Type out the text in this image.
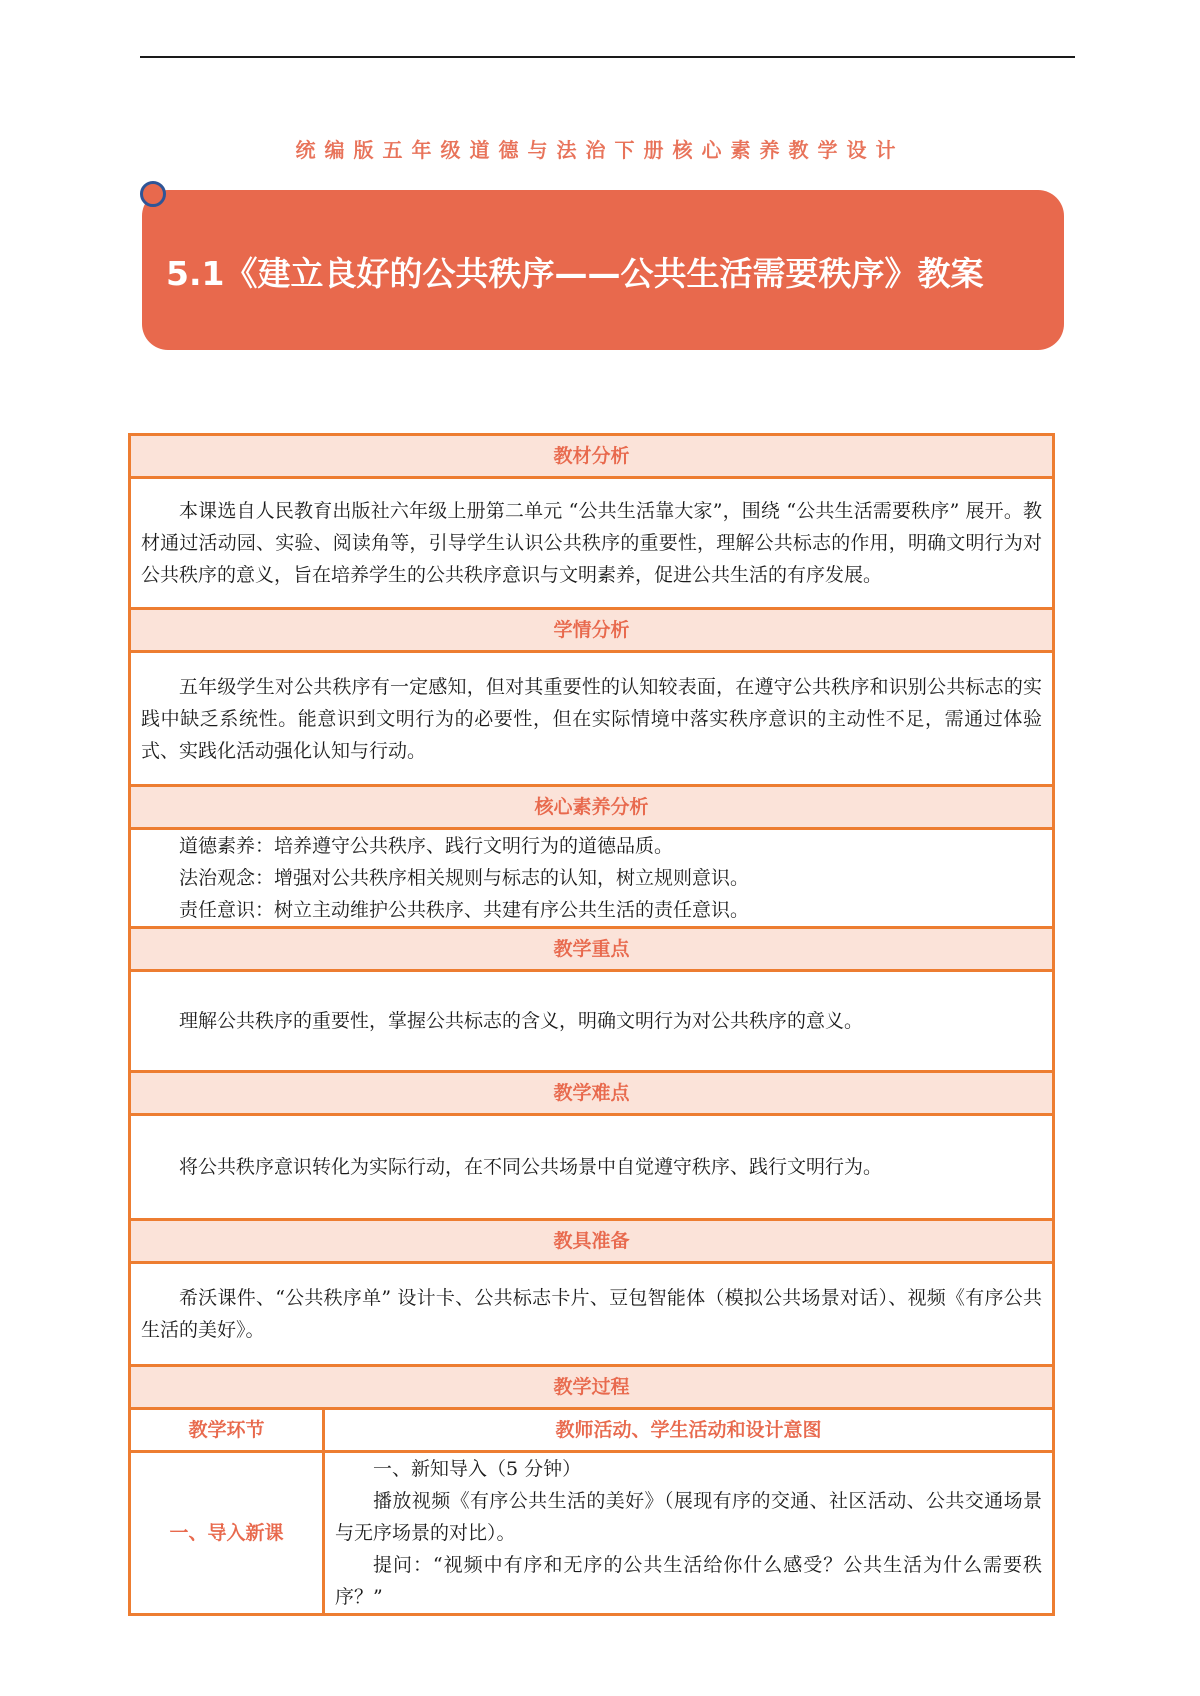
统编版五年级道德与法治下册核心素养教学设计
5.1《建立良好的公共秩序——公共生活需要秩序》教案
教材分析	

本课选自人民教育出版社六年级上册第二单元 “公共生活靠大家”，围绕 “公共生活需要秩序” 展开。教材通过活动园、实验、阅读角等，引导学生认识公共秩序的重要性，理解公共标志的作用，明确文明行为对公共秩序的意义，旨在培养学生的公共秩序意识与文明素养，促进公共生活的有序发展。	

学情分析	

五年级学生对公共秩序有一定感知，但对其重要性的认知较表面，在遵守公共秩序和识别公共标志的实践中缺乏系统性。能意识到文明行为的必要性，但在实际情境中落实秩序意识的主动性不足，需通过体验式、实践化活动强化认知与行动。	

核心素养分析	

道德素养：培养遵守公共秩序、践行文明行为的道德品质。

法治观念：增强对公共秩序相关规则与标志的认知，树立规则意识。

责任意识：树立主动维护公共秩序、共建有序公共生活的责任意识。	

教学重点	

理解公共秩序的重要性，掌握公共标志的含义，明确文明行为对公共秩序的意义。	

教学难点	

将公共秩序意识转化为实际行动，在不同公共场景中自觉遵守秩序、践行文明行为。	

教具准备	

希沃课件、“公共秩序单” 设计卡、公共标志卡片、豆包智能体（模拟公共场景对话）、视频《有序公共生活的美好》。	

教学过程	
教学环节	教师活动、学生活动和设计意图
一、导入新课	一、新知导入（5 分钟）

播放视频《有序公共生活的美好》（展现有序的交通、社区活动、公共交通场景与无序场景的对比）。

提问：“视频中有序和无序的公共生活给你什么感受？公共生活为什么需要秩序？”
